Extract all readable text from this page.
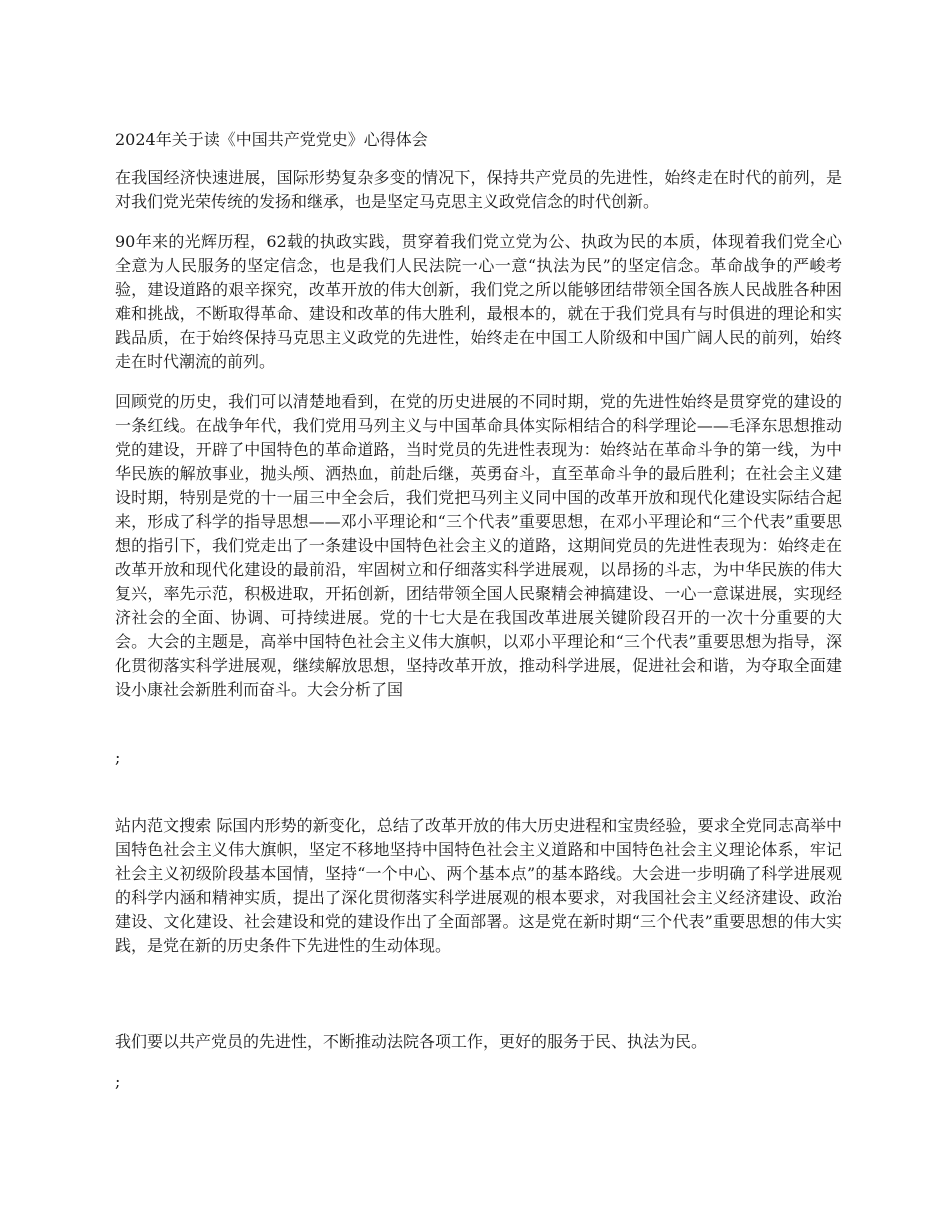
2024年关于读《中国共产党党史》心得体会

在我国经济快速进展，国际形势复杂多变的情况下，保持共产党员的先进性，始终走在时代的前列，是对我们党光荣传统的发扬和继承，也是坚定马克思主义政党信念的时代创新。

90年来的光辉历程，62载的执政实践，贯穿着我们党立党为公、执政为民的本质，体现着我们党全心全意为人民服务的坚定信念，也是我们人民法院一心一意“执法为民”的坚定信念。革命战争的严峻考验，建设道路的艰辛探究，改革开放的伟大创新，我们党之所以能够团结带领全国各族人民战胜各种困难和挑战，不断取得革命、建设和改革的伟大胜利，最根本的，就在于我们党具有与时俱进的理论和实践品质，在于始终保持马克思主义政党的先进性，始终走在中国工人阶级和中国广阔人民的前列，始终走在时代潮流的前列。

回顾党的历史，我们可以清楚地看到，在党的历史进展的不同时期，党的先进性始终是贯穿党的建设的一条红线。在战争年代，我们党用马列主义与中国革命具体实际相结合的科学理论——毛泽东思想推动党的建设，开辟了中国特色的革命道路，当时党员的先进性表现为：始终站在革命斗争的第一线，为中华民族的解放事业，抛头颅、洒热血，前赴后继，英勇奋斗，直至革命斗争的最后胜利；在社会主义建设时期，特别是党的十一届三中全会后，我们党把马列主义同中国的改革开放和现代化建设实际结合起来，形成了科学的指导思想——邓小平理论和“三个代表”重要思想，在邓小平理论和“三个代表”重要思想的指引下，我们党走出了一条建设中国特色社会主义的道路，这期间党员的先进性表现为：始终走在改革开放和现代化建设的最前沿，牢固树立和仔细落实科学进展观，以昂扬的斗志，为中华民族的伟大复兴，率先示范，积极进取，开拓创新，团结带领全国人民聚精会神搞建设、一心一意谋进展，实现经济社会的全面、协调、可持续进展。党的十七大是在我国改革进展关键阶段召开的一次十分重要的大会。大会的主题是，高举中国特色社会主义伟大旗帜，以邓小平理论和“三个代表”重要思想为指导，深化贯彻落实科学进展观，继续解放思想，坚持改革开放，推动科学进展，促进社会和谐，为夺取全面建设小康社会新胜利而奋斗。大会分析了国

;

站内范文搜索 际国内形势的新变化，总结了改革开放的伟大历史进程和宝贵经验，要求全党同志高举中国特色社会主义伟大旗帜，坚定不移地坚持中国特色社会主义道路和中国特色社会主义理论体系，牢记社会主义初级阶段基本国情，坚持“一个中心、两个基本点”的基本路线。大会进一步明确了科学进展观的科学内涵和精神实质，提出了深化贯彻落实科学进展观的根本要求，对我国社会主义经济建设、政治建设、文化建设、社会建设和党的建设作出了全面部署。这是党在新时期“三个代表”重要思想的伟大实践，是党在新的历史条件下先进性的生动体现。

我们要以共产党员的先进性，不断推动法院各项工作，更好的服务于民、执法为民。

;
